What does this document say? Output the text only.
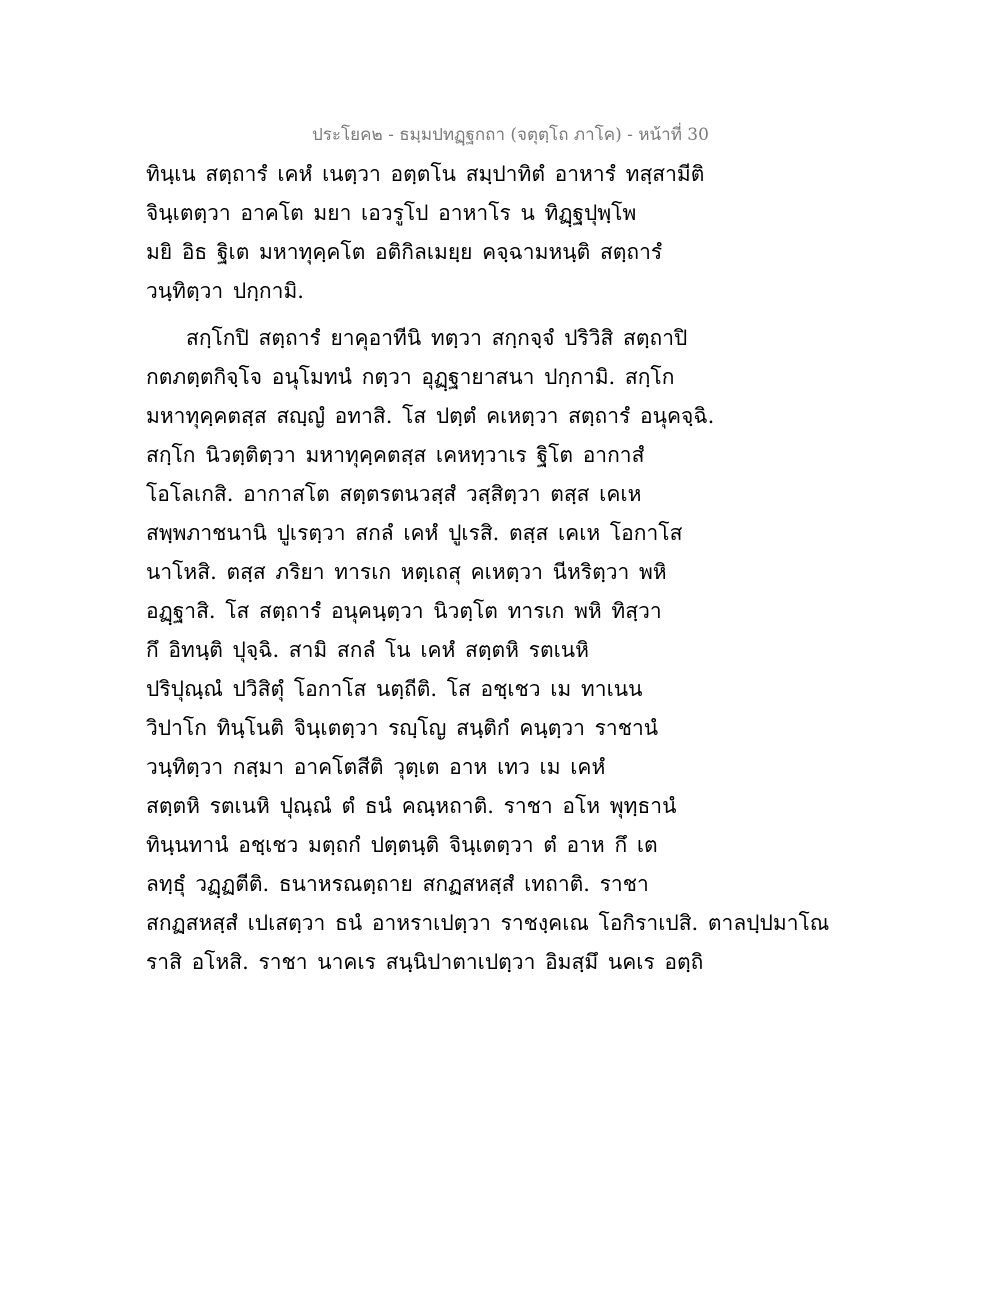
ประโยค๒ - ธมฺมปทฏฺฐกถา (จตุตฺโถ ภาโค) - หน้าที่ 30
ทินฺเน สตฺถารํ เคหํ เนตฺวา อตฺตโน สมฺปาทิตํ อาหารํ ทสฺสามีติ
จินฺเตตฺวา อาคโต มยา เอวรูโป อาหาโร น ทิฏฺฐปุพฺโพ
มยิ อิธ ฐิเต มหาทุคฺคโต อติกิลเมยฺย คจฺฉามหนฺติ สตฺถารํ
วนฺทิตฺวา ปกฺกามิ.
สกฺโกปิ สตฺถารํ ยาคุอาทีนิ ทตฺวา สกฺกจฺจํ ปริวิสิ สตฺถาปิ
กตภตฺตกิจฺโจ อนุโมทนํ กตฺวา อุฏฺฐายาสนา ปกฺกามิ. สกฺโก
มหาทุคฺคตสฺส สญฺญํ อทาสิ. โส ปตฺตํ คเหตฺวา สตฺถารํ อนุคจฺฉิ.
สกฺโก นิวตฺติตฺวา มหาทุคฺคตสฺส เคหทฺวาเร ฐิโต อากาสํ
โอโลเกสิ. อากาสโต สตฺตรตนวสฺสํ วสฺสิตฺวา ตสฺส เคเห
สพฺพภาชนานิ ปูเรตฺวา สกลํ เคหํ ปูเรสิ. ตสฺส เคเห โอกาโส
นาโหสิ. ตสฺส ภริยา ทารเก หตฺเถสุ คเหตฺวา นีหริตฺวา พหิ
อฏฺฐาสิ. โส สตฺถารํ อนุคนฺตฺวา นิวตฺโต ทารเก พหิ ทิสฺวา
กึ อิทนฺติ ปุจฺฉิ. สามิ สกลํ โน เคหํ สตฺตหิ รตเนหิ
ปริปุณฺณํ ปวิสิตุํ โอกาโส นตฺถีติ. โส อชฺเชว เม ทาเนน
วิปาโก ทินฺโนติ จินฺเตตฺวา รญฺโญ สนฺติกํ คนฺตฺวา ราชานํ
วนฺทิตฺวา กสฺมา อาคโตสีติ วุตฺเต อาห เทว เม เคหํ
สตฺตหิ รตเนหิ ปุณฺณํ ตํ ธนํ คณฺหถาติ. ราชา อโห พุทฺธานํ
ทินฺนทานํ อชฺเชว มตฺถกํ ปตฺตนฺติ จินฺเตตฺวา ตํ อาห กึ เต
ลทฺธุํ วฏฺฏตีติ. ธนาหรณตฺถาย สกฏสหสฺสํ เทถาติ. ราชา
สกฏสหสฺสํ เปเสตฺวา ธนํ อาหราเปตฺวา ราชงฺคเณ โอกิราเปสิ. ตาลปฺปมาโณ
ราสิ อโหสิ. ราชา นาคเร สนฺนิปาตาเปตฺวา อิมสฺมึ นคเร อตฺถิ
